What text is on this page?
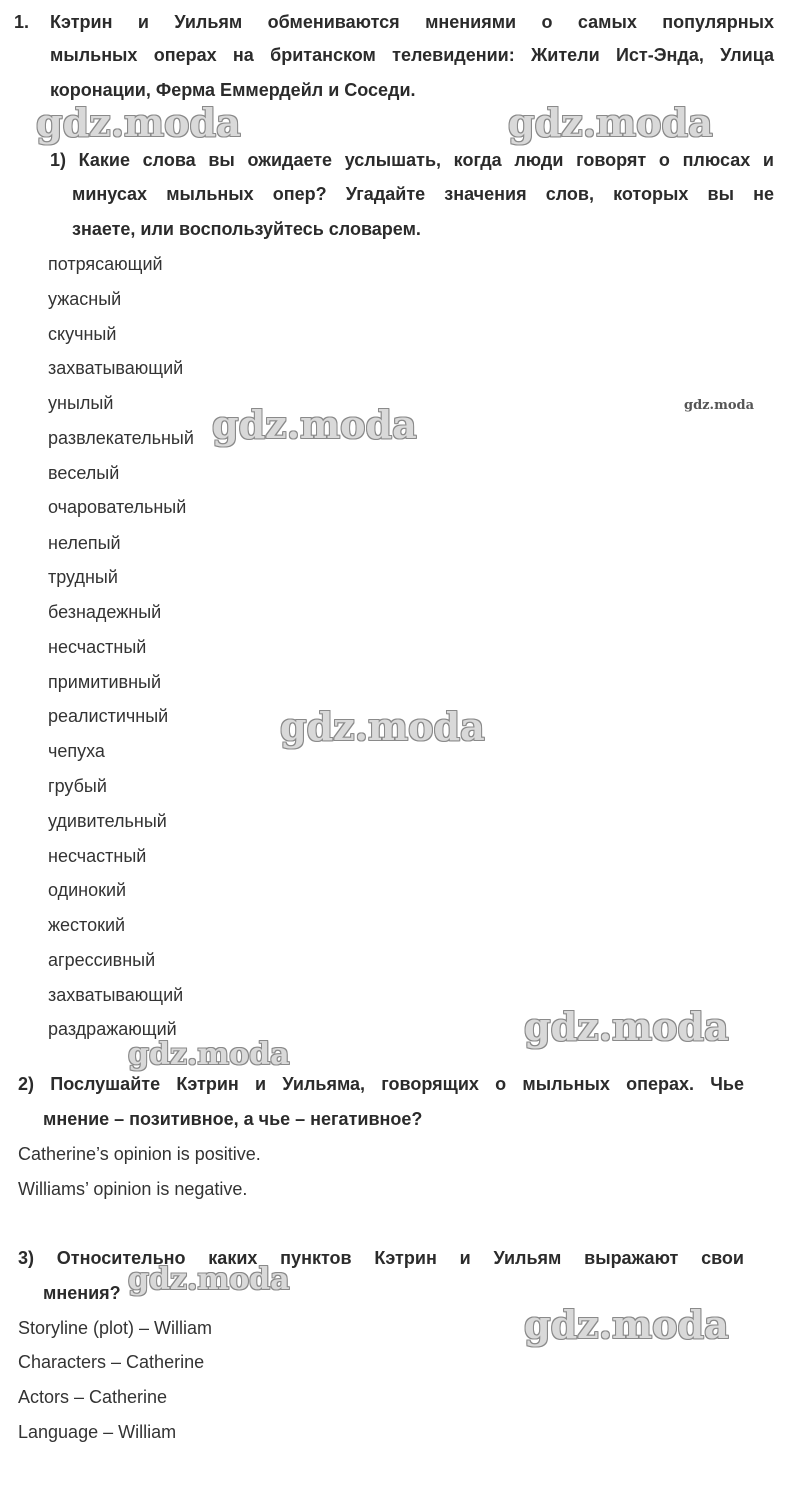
1. Кэтрин и Уильям обмениваются мнениями о самых популярных
мыльных операх на британском телевидении: Жители Ист-Энда, Улица
коронации, Ферма Еммердейл и Соседи.
1) Какие слова вы ожидаете услышать, когда люди говорят о плюсах и
минусах мыльных опер? Угадайте значения слов, которых вы не
знаете, или воспользуйтесь словарем.
потрясающий
ужасный
скучный
захватывающий
унылый
развлекательный
веселый
очаровательный
нелепый
трудный
безнадежный
несчастный
примитивный
реалистичный
чепуха
грубый
удивительный
несчастный
одинокий
жестокий
агрессивный
захватывающий
раздражающий
2) Послушайте Кэтрин и Уильяма, говорящих о мыльных операх. Чье
мнение – позитивное, а чье – негативное?
Catherine’s opinion is positive.
Williams’ opinion is negative.
3) Относительно каких пунктов Кэтрин и Уильям выражают свои
мнения?
Storyline (plot) – William
Characters – Catherine
Actors – Catherine
Language – William
gdz.moda	gdz.moda
gdz.moda
gdz.moda
gdz.moda
gdz.moda
gdz.moda
gdz.moda
gdz.moda
